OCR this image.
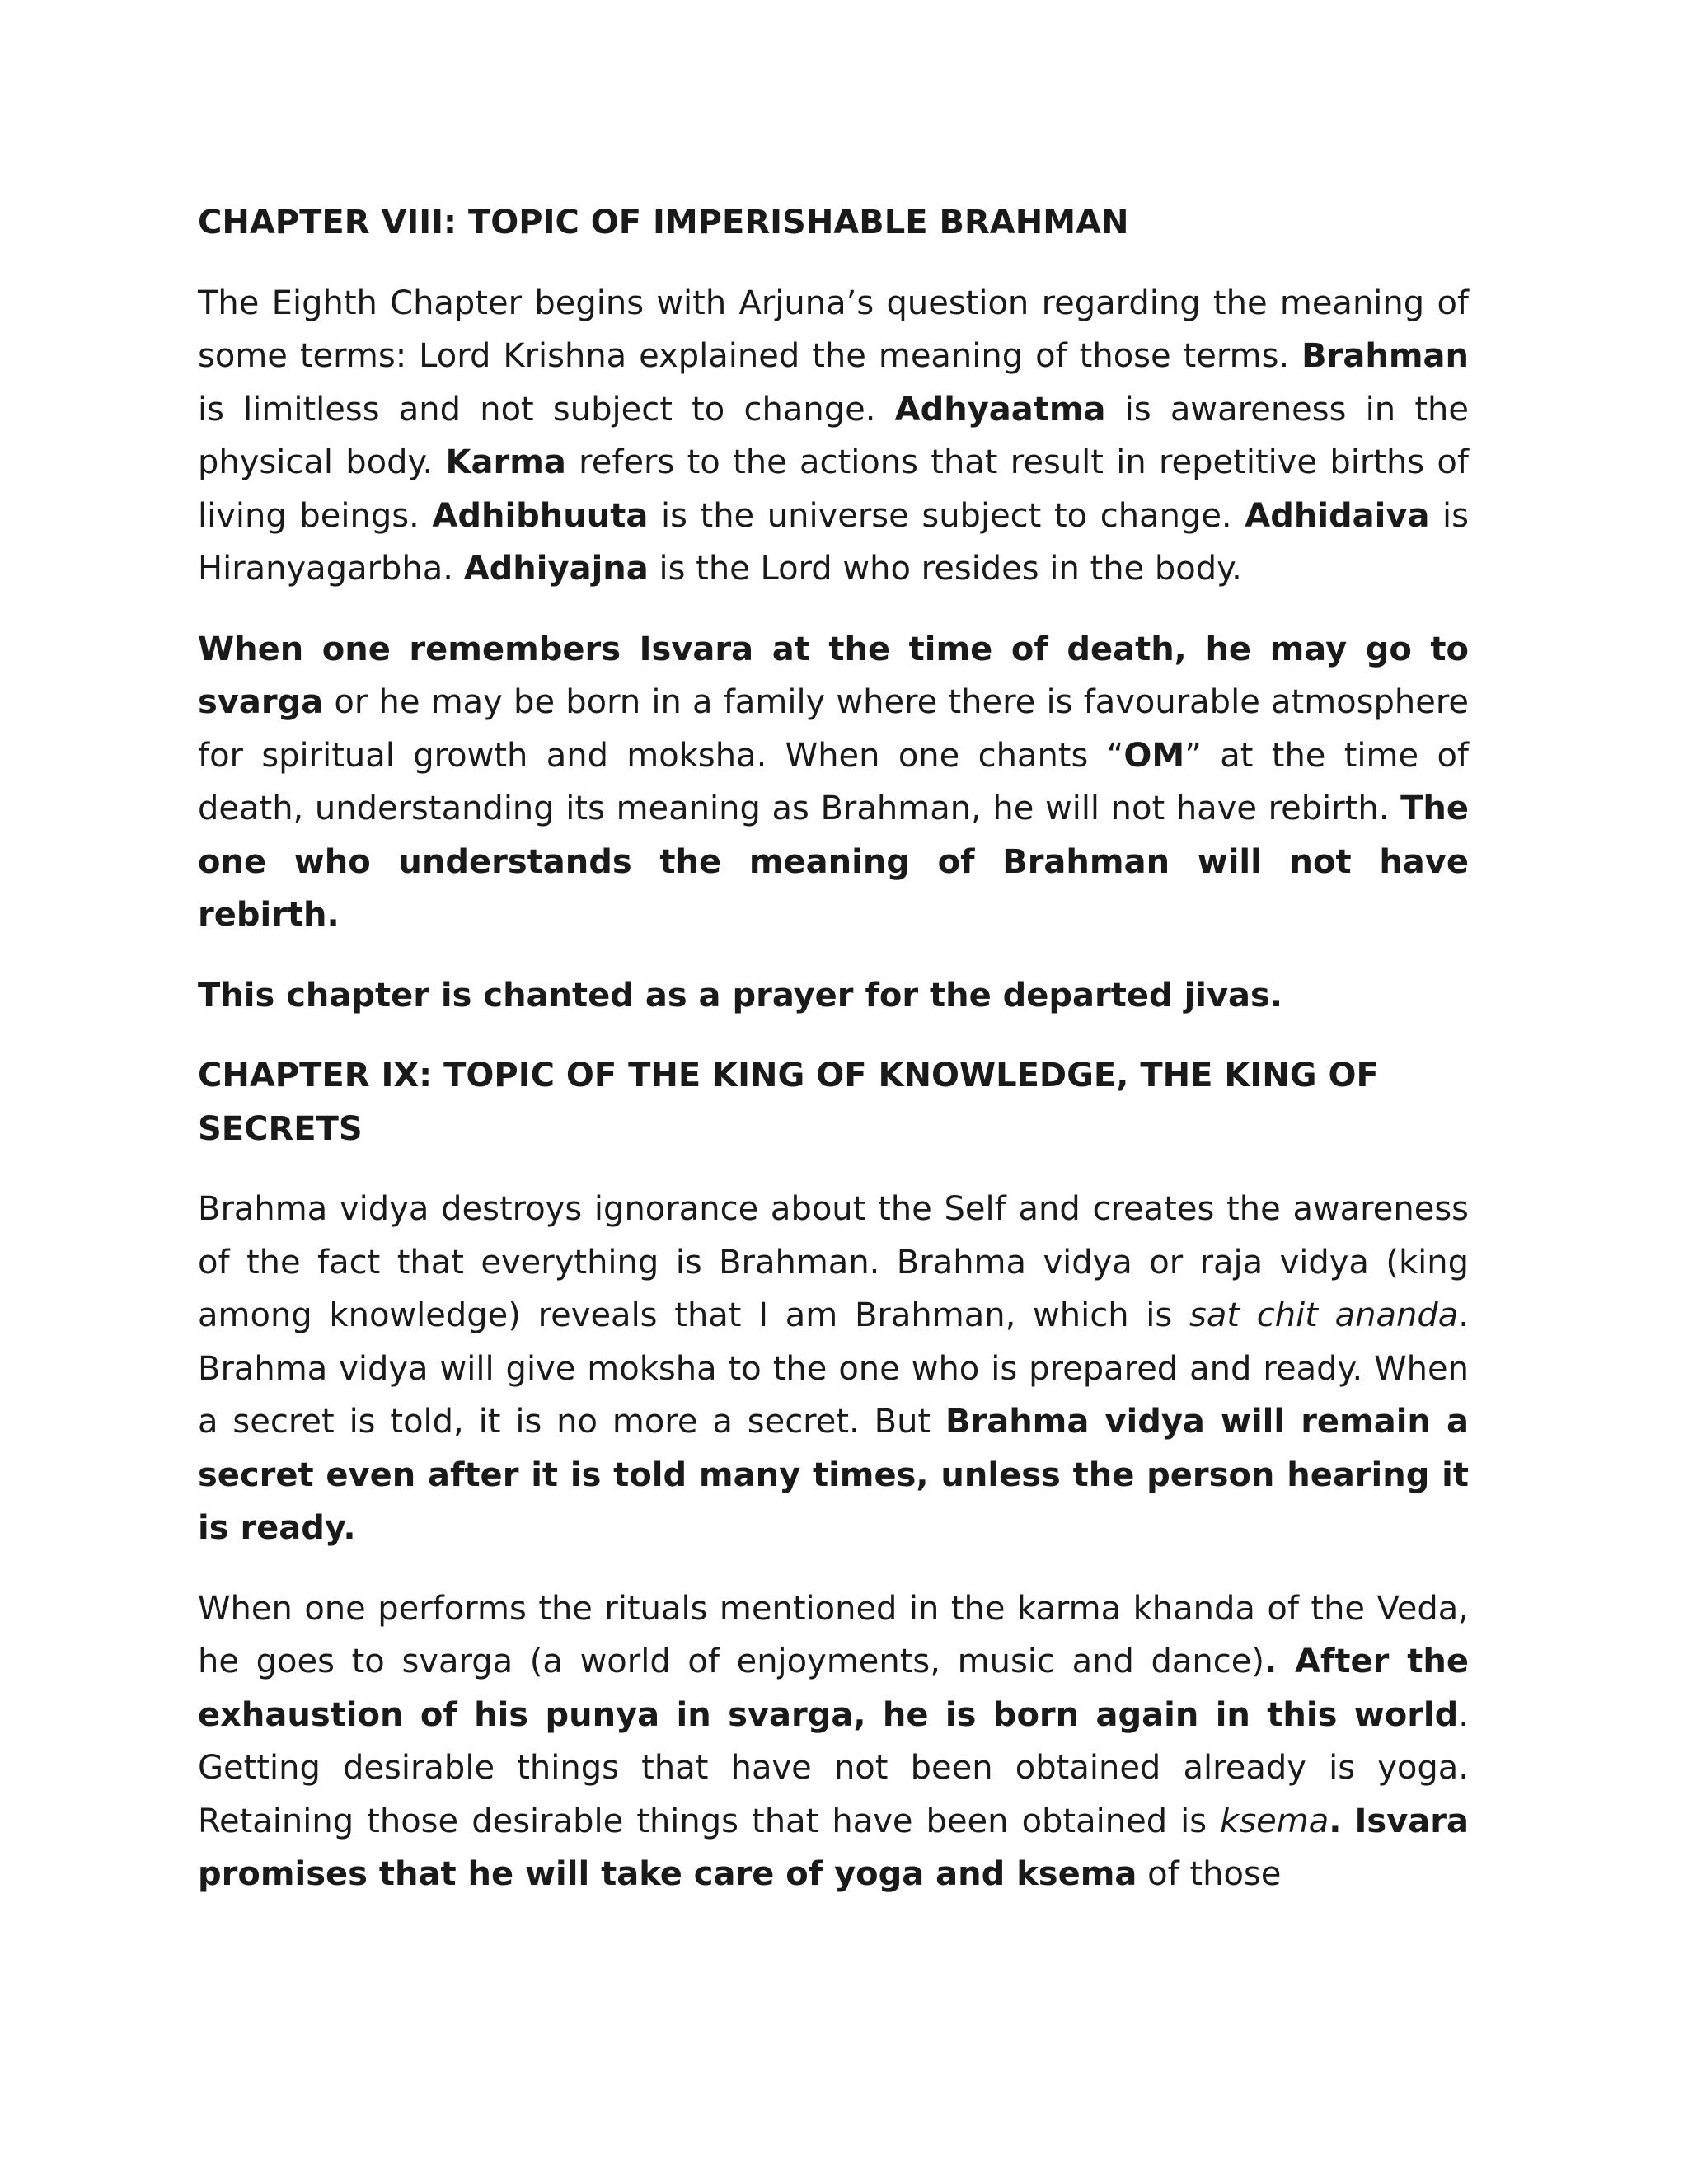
CHAPTER VIII: TOPIC OF IMPERISHABLE BRAHMAN

The Eighth Chapter begins with Arjuna’s question regarding the meaning of some terms: Lord Krishna explained the meaning of those terms. Brahman is limitless and not subject to change. Adhyaatma is awareness in the physical body. Karma refers to the actions that result in repetitive births of living beings. Adhibhuuta is the universe subject to change. Adhidaiva is Hiranyagarbha. Adhiyajna is the Lord who resides in the body.

When one remembers Isvara at the time of death, he may go to svarga or he may be born in a family where there is favourable atmosphere for spiritual growth and moksha. When one chants “OM” at the time of death, understanding its meaning as Brahman, he will not have rebirth. The one who understands the meaning of Brahman will not have rebirth.

This chapter is chanted as a prayer for the departed jivas.

CHAPTER IX: TOPIC OF THE KING OF KNOWLEDGE, THE KING OF SECRETS

Brahma vidya destroys ignorance about the Self and creates the awareness of the fact that everything is Brahman. Brahma vidya or raja vidya (king among knowledge) reveals that I am Brahman, which is sat chit ananda. Brahma vidya will give moksha to the one who is prepared and ready. When a secret is told, it is no more a secret. But Brahma vidya will remain a secret even after it is told many times, unless the person hearing it is ready.

When one performs the rituals mentioned in the karma khanda of the Veda, he goes to svarga (a world of enjoyments, music and dance). After the exhaustion of his punya in svarga, he is born again in this world. Getting desirable things that have not been obtained already is yoga. Retaining those desirable things that have been obtained is ksema. Isvara promises that he will take care of yoga and ksema of those
